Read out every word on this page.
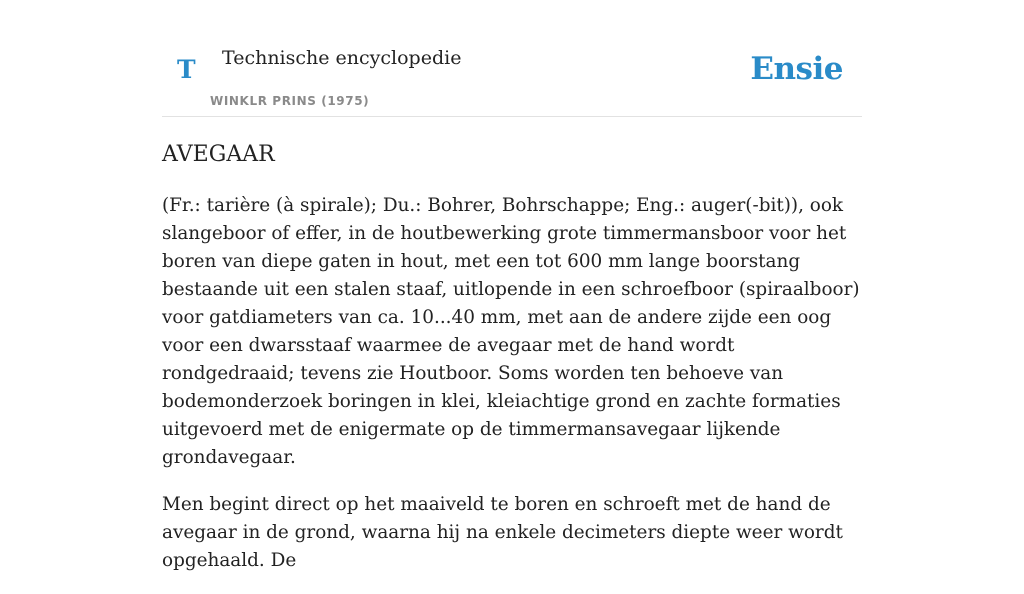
T Technische encyclopedie
WINKLR PRINS (1975)
Ensie
AVEGAAR

(Fr.: tarière (à spirale); Du.: Bohrer, Bohrschappe; Eng.: auger(-bit)), ook slangeboor of effer, in de houtbewerking grote timmermansboor voor het boren van diepe gaten in hout, met een tot 600 mm lange boorstang bestaande uit een stalen staaf, uitlopende in een schroefboor (spiraalboor) voor gatdiameters van ca. 10...40 mm, met aan de andere zijde een oog voor een dwarsstaaf waarmee de avegaar met de hand wordt rondgedraaid; tevens zie Houtboor. Soms worden ten behoeve van bodemonderzoek boringen in klei, kleiachtige grond en zachte formaties uitgevoerd met de enigermate op de timmermansavegaar lijkende grondavegaar.

Men begint direct op het maaiveld te boren en schroeft met de hand de avegaar in de grond, waarna hij na enkele decimeters diepte weer wordt opgehaald. De
